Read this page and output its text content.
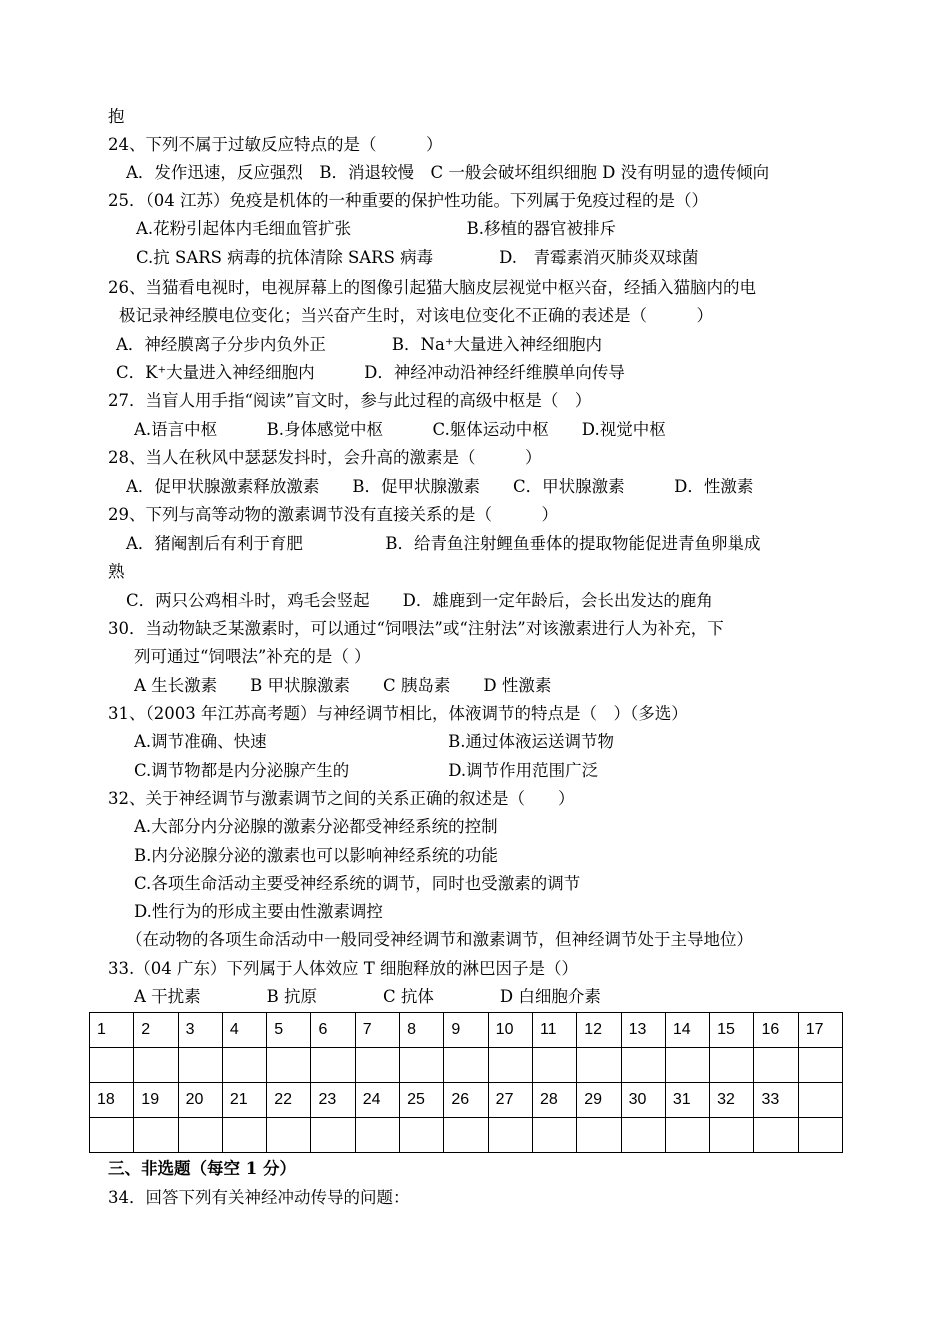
抱
24、下列不属于过敏反应特点的是（　　　）
A．发作迅速，反应强烈　B．消退较慢　C 一般会破坏组织细胞 D 没有明显的遗传倾向
25．（04 江苏）免疫是机体的一种重要的保护性功能。下列属于免疫过程的是（）
A.花粉引起体内毛细血管扩张　　　　　　　B.移植的器官被排斥
C.抗 SARS 病毒的抗体清除 SARS 病毒　　　　D.　青霉素消灭肺炎双球菌
26、当猫看电视时，电视屏幕上的图像引起猫大脑皮层视觉中枢兴奋，经插入猫脑内的电
极记录神经膜电位变化；当兴奋产生时，对该电位变化不正确的表述是（　　　）
A．神经膜离子分步内负外正　　　　B．Na⁺大量进入神经细胞内
C．K⁺大量进入神经细胞内　　　D．神经冲动沿神经纤维膜单向传导
27．当盲人用手指“阅读”盲文时，参与此过程的高级中枢是（　）
A.语言中枢　　　B.身体感觉中枢　　　C.躯体运动中枢　　D.视觉中枢
28、当人在秋风中瑟瑟发抖时，会升高的激素是（　　　）
A．促甲状腺激素释放激素　　B．促甲状腺激素　　C．甲状腺激素　　　D．性激素
29、下列与高等动物的激素调节没有直接关系的是（　　　）
A．猪阉割后有利于育肥　　　　　B．给青鱼注射鲤鱼垂体的提取物能促进青鱼卵巢成
熟
C．两只公鸡相斗时，鸡毛会竖起　　D．雄鹿到一定年龄后，会长出发达的鹿角
30．当动物缺乏某激素时，可以通过“饲喂法”或“注射法”对该激素进行人为补充，下
列可通过“饲喂法”补充的是（ ）
A 生长激素　　B 甲状腺激素　　C 胰岛素　　D 性激素
31、（2003 年江苏高考题）与神经调节相比，体液调节的特点是（　）（多选）
A.调节准确、快速　　　　　　　　　　　B.通过体液运送调节物
C.调节物都是内分泌腺产生的　　　　　　D.调节作用范围广泛
32、关于神经调节与激素调节之间的关系正确的叙述是（　　）
A.大部分内分泌腺的激素分泌都受神经系统的控制
B.内分泌腺分泌的激素也可以影响神经系统的功能
C.各项生命活动主要受神经系统的调节，同时也受激素的调节
D.性行为的形成主要由性激素调控
（在动物的各项生命活动中一般同受神经调节和激素调节，但神经调节处于主导地位）
33.（04 广东）下列属于人体效应 T 细胞释放的淋巴因子是（）
A 干扰素　　　　B 抗原　　　　C 抗体　　　　D 白细胞介素
1	2	3	4	5	6	7	8	9	10	11	12	13	14	15	16	17

18	19	20	21	22	23	24	25	26	27	28	29	30	31	32	33	

三、非选题（每空 1 分）
34．回答下列有关神经冲动传导的问题：
